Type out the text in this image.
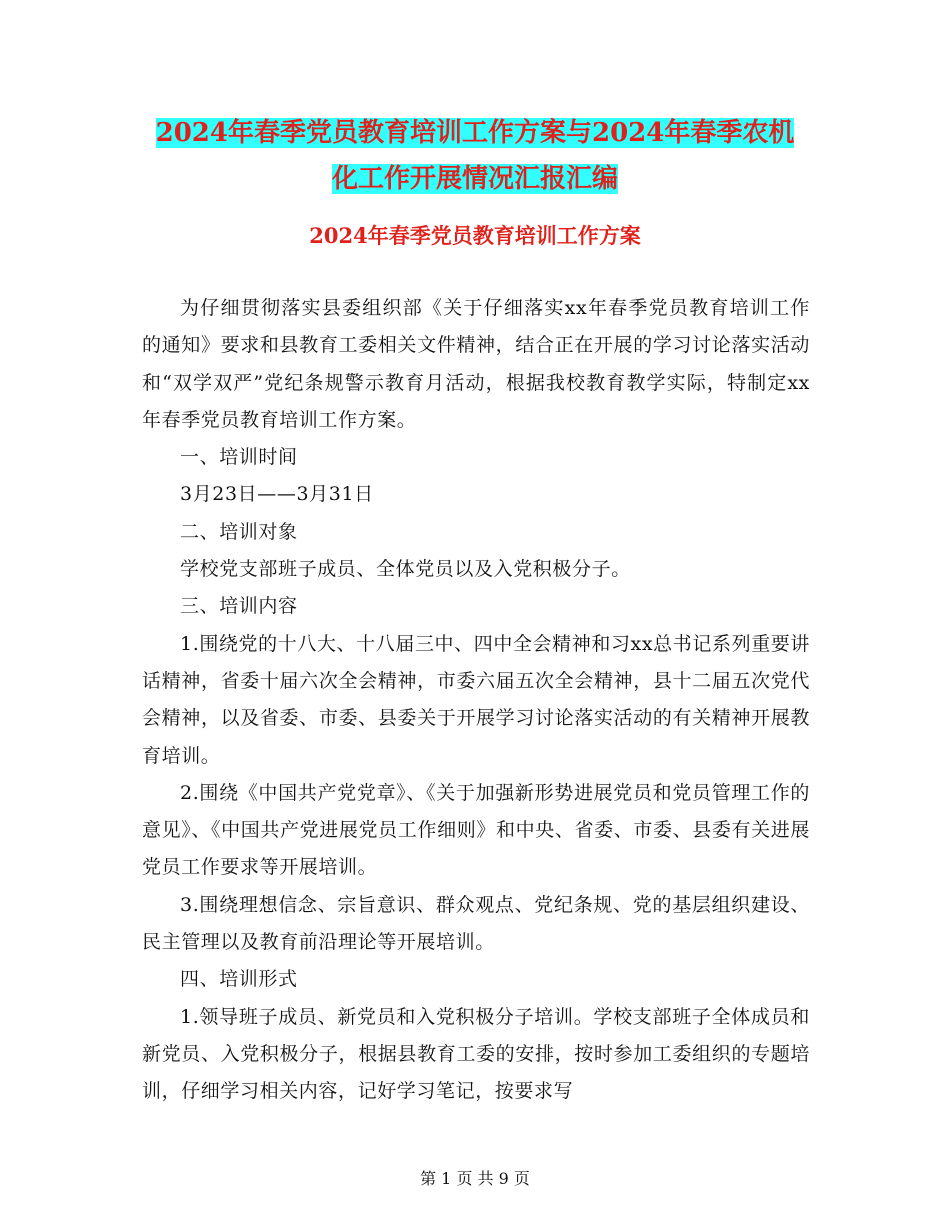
2024年春季党员教育培训工作方案与2024年春季农机
化工作开展情况汇报汇编
2024年春季党员教育培训工作方案

为仔细贯彻落实县委组织部《关于仔细落实xx年春季党员教育培训工作的通知》要求和县教育工委相关文件精神，结合正在开展的学习讨论落实活动和“双学双严”党纪条规警示教育月活动，根据我校教育教学实际，特制定xx年春季党员教育培训工作方案。

一、培训时间

3月23日——3月31日

二、培训对象

学校党支部班子成员、全体党员以及入党积极分子。

三、培训内容

1.围绕党的十八大、十八届三中、四中全会精神和习xx总书记系列重要讲话精神，省委十届六次全会精神，市委六届五次全会精神，县十二届五次党代会精神，以及省委、市委、县委关于开展学习讨论落实活动的有关精神开展教育培训。

2.围绕《中国共产党党章》、《关于加强新形势进展党员和党员管理工作的意见》、《中国共产党进展党员工作细则》和中央、省委、市委、县委有关进展党员工作要求等开展培训。

3.围绕理想信念、宗旨意识、群众观点、党纪条规、党的基层组织建设、民主管理以及教育前沿理论等开展培训。

四、培训形式

1.领导班子成员、新党员和入党积极分子培训。学校支部班子全体成员和新党员、入党积极分子，根据县教育工委的安排，按时参加工委组织的专题培训，仔细学习相关内容，记好学习笔记，按要求写

第 1 页 共 9 页
